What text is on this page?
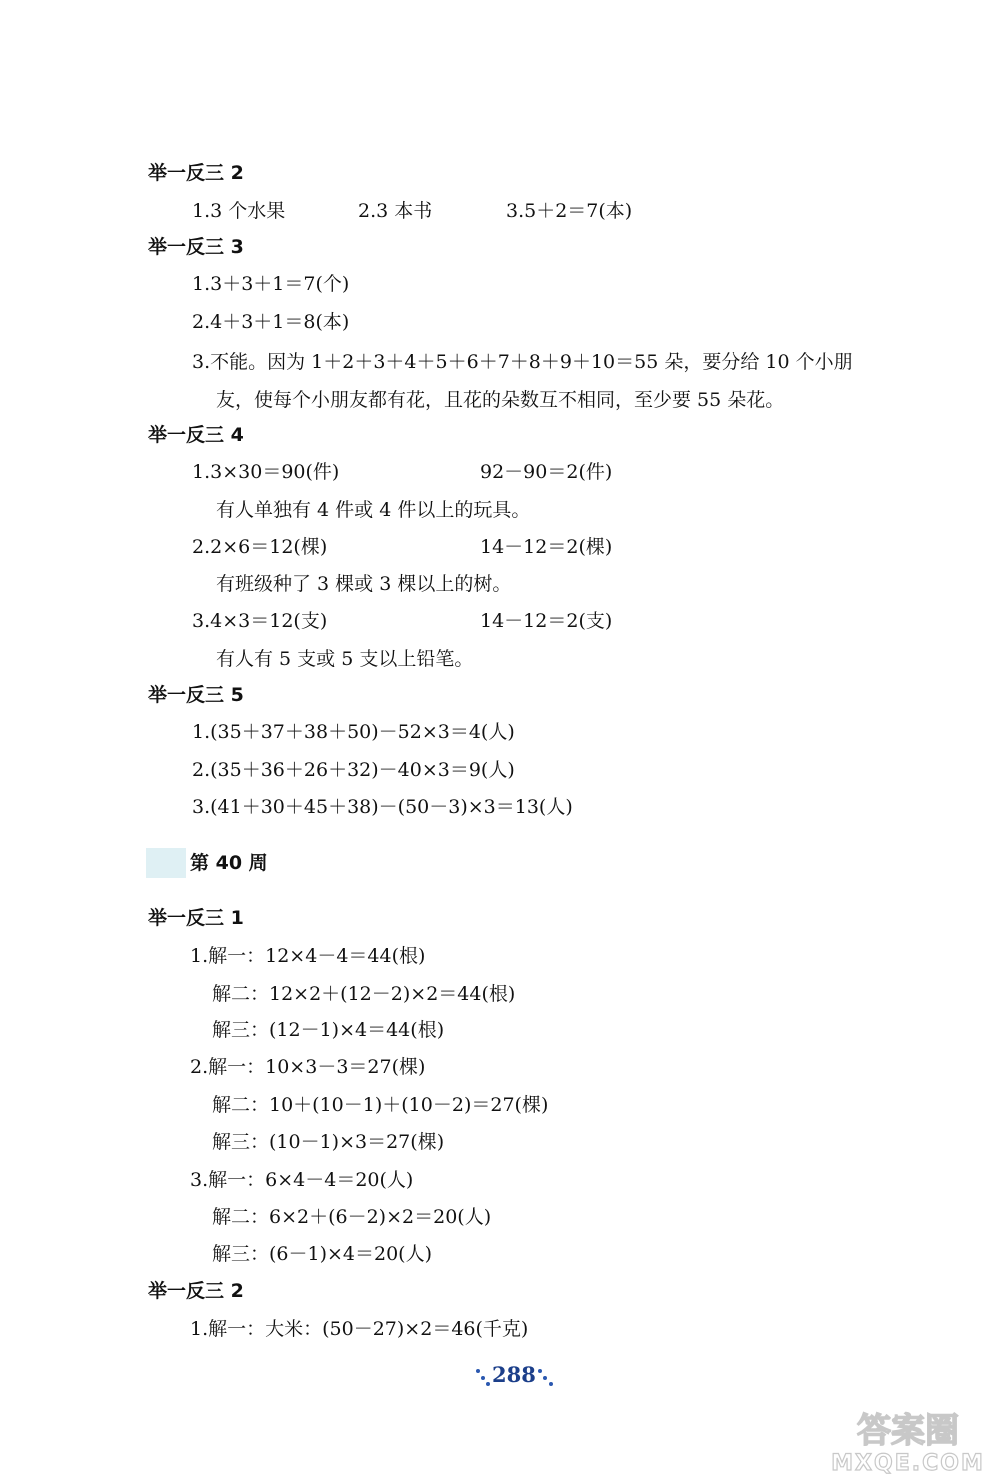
举一反三 2
1.3 个水果	2.3 本书	3.5＋2＝7(本)
举一反三 3
1.3＋3＋1＝7(个)
2.4＋3＋1＝8(本)
3.不能。因为 1＋2＋3＋4＋5＋6＋7＋8＋9＋10＝55 朵，要分给 10 个小朋
友，使每个小朋友都有花，且花的朵数互不相同，至少要 55 朵花。
举一反三 4
1.3×30＝90(件)	92－90＝2(件)
有人单独有 4 件或 4 件以上的玩具。
2.2×6＝12(棵)	14－12＝2(棵)
有班级种了 3 棵或 3 棵以上的树。
3.4×3＝12(支)	14－12＝2(支)
有人有 5 支或 5 支以上铅笔。
举一反三 5
1.(35＋37＋38＋50)－52×3＝4(人)
2.(35＋36＋26＋32)－40×3＝9(人)
3.(41＋30＋45＋38)－(50－3)×3＝13(人)
第 40 周
举一反三 1
1.解一：12×4－4＝44(根)
解二：12×2＋(12－2)×2＝44(根)
解三：(12－1)×4＝44(根)
2.解一：10×3－3＝27(棵)
解二：10＋(10－1)＋(10－2)＝27(棵)
解三：(10－1)×3＝27(棵)
3.解一：6×4－4＝20(人)
解二：6×2＋(6－2)×2＝20(人)
解三：(6－1)×4＝20(人)
举一反三 2
1.解一：大米：(50－27)×2＝46(千克)
288
答案圈
MXQE.COM
